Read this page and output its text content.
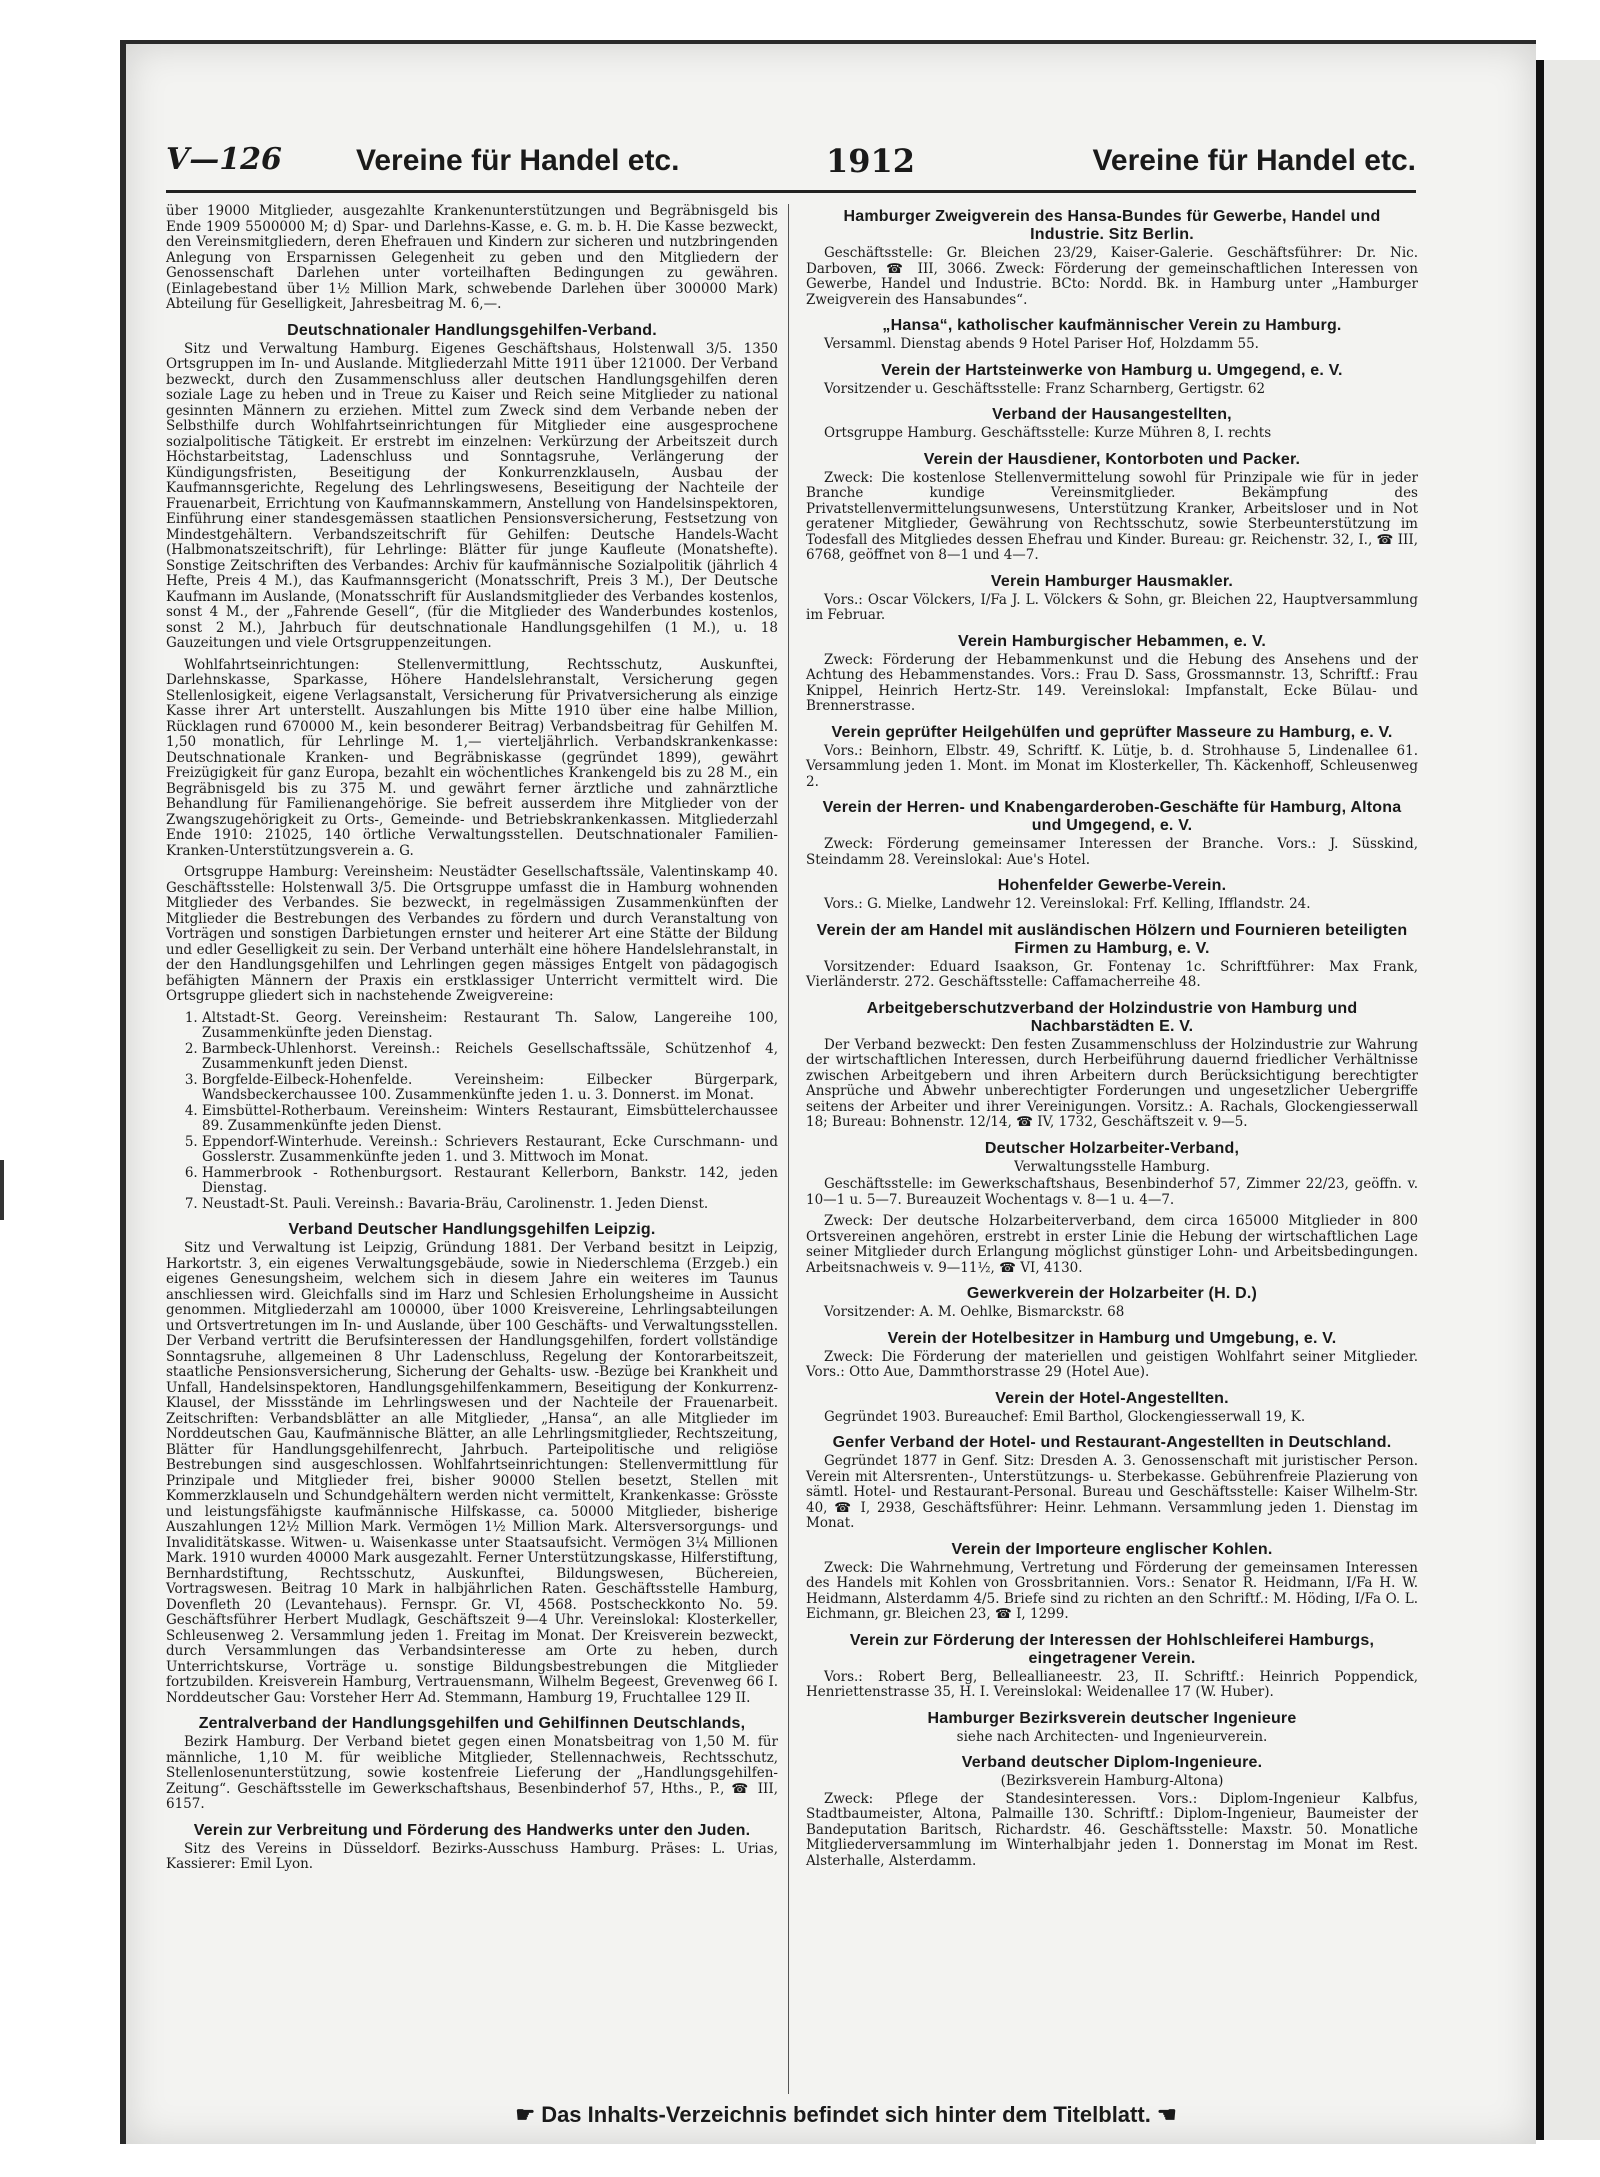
V—126 Vereine für Handel etc.	1912	Vereine für Handel etc.

über 19000 Mitglieder, ausgezahlte Krankenunterstützungen und Begräbnisgeld bis Ende 1909 5500000 M; d) Spar- und Darlehns-Kasse, e. G. m. b. H. Die Kasse bezweckt, den Vereinsmitgliedern, deren Ehefrauen und Kindern zur sicheren und nutzbringenden Anlegung von Ersparnissen Gelegenheit zu geben und den Mitgliedern der Genossenschaft Darlehen unter vorteilhaften Bedingungen zu gewähren. (Einlagebestand über 1½ Million Mark, schwebende Darlehen über 300000 Mark) Abteilung für Geselligkeit, Jahresbeitrag M. 6,—.

Deutschnationaler Handlungsgehilfen-Verband.

Sitz und Verwaltung Hamburg. Eigenes Geschäftshaus, Holstenwall 3/5. 1350 Ortsgruppen im In- und Auslande. Mitgliederzahl Mitte 1911 über 121000. Der Verband bezweckt, durch den Zusammenschluss aller deutschen Handlungsgehilfen deren soziale Lage zu heben und in Treue zu Kaiser und Reich seine Mitglieder zu national gesinnten Männern zu erziehen. Mittel zum Zweck sind dem Verbande neben der Selbsthilfe durch Wohlfahrtseinrichtungen für Mitglieder eine ausgesprochene sozialpolitische Tätigkeit. Er erstrebt im einzelnen: Verkürzung der Arbeitszeit durch Höchstarbeitstag, Ladenschluss und Sonntagsruhe, Verlängerung der Kündigungsfristen, Beseitigung der Konkurrenzklauseln, Ausbau der Kaufmannsgerichte, Regelung des Lehrlingswesens, Beseitigung der Nachteile der Frauenarbeit, Errichtung von Kaufmannskammern, Anstellung von Handelsinspektoren, Einführung einer standesgemässen staatlichen Pensionsversicherung, Festsetzung von Mindestgehältern. Verbandszeitschrift für Gehilfen: Deutsche Handels-Wacht (Halbmonatszeitschrift), für Lehrlinge: Blätter für junge Kaufleute (Monatshefte). Sonstige Zeitschriften des Verbandes: Archiv für kaufmännische Sozialpolitik (jährlich 4 Hefte, Preis 4 M.), das Kaufmannsgericht (Monatsschrift, Preis 3 M.), Der Deutsche Kaufmann im Auslande, (Monatsschrift für Auslandsmitglieder des Verbandes kostenlos, sonst 4 M., der „Fahrende Gesell“, (für die Mitglieder des Wanderbundes kostenlos, sonst 2 M.), Jahrbuch für deutschnationale Handlungsgehilfen (1 M.), u. 18 Gauzeitungen und viele Ortsgruppenzeitungen.

Wohlfahrtseinrichtungen: Stellenvermittlung, Rechtsschutz, Auskunftei, Darlehnskasse, Sparkasse, Höhere Handelslehranstalt, Versicherung gegen Stellenlosigkeit, eigene Verlagsanstalt, Versicherung für Privatversicherung als einzige Kasse ihrer Art unterstellt. Auszahlungen bis Mitte 1910 über eine halbe Million, Rücklagen rund 670000 M., kein besonderer Beitrag) Verbandsbeitrag für Gehilfen M. 1,50 monatlich, für Lehrlinge M. 1,— vierteljährlich. Verbandskrankenkasse: Deutschnationale Kranken- und Begräbniskasse (gegründet 1899), gewährt Freizügigkeit für ganz Europa, bezahlt ein wöchentliches Krankengeld bis zu 28 M., ein Begräbnisgeld bis zu 375 M. und gewährt ferner ärztliche und zahnärztliche Behandlung für Familienangehörige. Sie befreit ausserdem ihre Mitglieder von der Zwangszugehörigkeit zu Orts-, Gemeinde- und Betriebskrankenkassen. Mitgliederzahl Ende 1910: 21025, 140 örtliche Verwaltungsstellen. Deutschnationaler Familien-Kranken-Unterstützungsverein a. G.

Ortsgruppe Hamburg: Vereinsheim: Neustädter Gesellschaftssäle, Valentinskamp 40. Geschäftsstelle: Holstenwall 3/5. Die Ortsgruppe umfasst die in Hamburg wohnenden Mitglieder des Verbandes. Sie bezweckt, in regelmässigen Zusammenkünften der Mitglieder die Bestrebungen des Verbandes zu fördern und durch Veranstaltung von Vorträgen und sonstigen Darbietungen ernster und heiterer Art eine Stätte der Bildung und edler Geselligkeit zu sein. Der Verband unterhält eine höhere Handelslehranstalt, in der den Handlungsgehilfen und Lehrlingen gegen mässiges Entgelt von pädagogisch befähigten Männern der Praxis ein erstklassiger Unterricht vermittelt wird. Die Ortsgruppe gliedert sich in nachstehende Zweigvereine:

1. Altstadt-St. Georg. Vereinsheim: Restaurant Th. Salow, Langereihe 100, Zusammenkünfte jeden Dienstag.
2. Barmbeck-Uhlenhorst. Vereinsh.: Reichels Gesellschaftssäle, Schützenhof 4, Zusammenkunft jeden Dienst.
3. Borgfelde-Eilbeck-Hohenfelde. Vereinsheim: Eilbecker Bürgerpark, Wandsbeckerchaussee 100. Zusammenkünfte jeden 1. u. 3. Donnerst. im Monat.
4. Eimsbüttel-Rotherbaum. Vereinsheim: Winters Restaurant, Eimsbüttelerchaussee 89. Zusammenkünfte jeden Dienst.
5. Eppendorf-Winterhude. Vereinsh.: Schrievers Restaurant, Ecke Curschmann- und Gosslerstr. Zusammenkünfte jeden 1. und 3. Mittwoch im Monat.
6. Hammerbrook - Rothenburgsort. Restaurant Kellerborn, Bankstr. 142, jeden Dienstag.
7. Neustadt-St. Pauli. Vereinsh.: Bavaria-Bräu, Carolinenstr. 1. Jeden Dienst.
Verband Deutscher Handlungsgehilfen Leipzig.

Sitz und Verwaltung ist Leipzig, Gründung 1881. Der Verband besitzt in Leipzig, Harkortstr. 3, ein eigenes Verwaltungsgebäude, sowie in Niederschlema (Erzgeb.) ein eigenes Genesungsheim, welchem sich in diesem Jahre ein weiteres im Taunus anschliessen wird. Gleichfalls sind im Harz und Schlesien Erholungsheime in Aussicht genommen. Mitgliederzahl am 100000, über 1000 Kreisvereine, Lehrlingsabteilungen und Ortsvertretungen im In- und Auslande, über 100 Geschäfts- und Verwaltungsstellen. Der Verband vertritt die Berufsinteressen der Handlungsgehilfen, fordert vollständige Sonntagsruhe, allgemeinen 8 Uhr Ladenschluss, Regelung der Kontorarbeitszeit, staatliche Pensionsversicherung, Sicherung der Gehalts- usw. -Bezüge bei Krankheit und Unfall, Handelsinspektoren, Handlungsgehilfenkammern, Beseitigung der Konkurrenz-Klausel, der Missstände im Lehrlingswesen und der Nachteile der Frauenarbeit. Zeitschriften: Verbandsblätter an alle Mitglieder, „Hansa“, an alle Mitglieder im Norddeutschen Gau, Kaufmännische Blätter, an alle Lehrlingsmitglieder, Rechtszeitung, Blätter für Handlungsgehilfenrecht, Jahrbuch. Parteipolitische und religiöse Bestrebungen sind ausgeschlossen. Wohlfahrtseinrichtungen: Stellenvermittlung für Prinzipale und Mitglieder frei, bisher 90000 Stellen besetzt, Stellen mit Kommerzklauseln und Schundgehältern werden nicht vermittelt, Krankenkasse: Grösste und leistungsfähigste kaufmännische Hilfskasse, ca. 50000 Mitglieder, bisherige Auszahlungen 12½ Million Mark. Vermögen 1½ Million Mark. Altersversorgungs- und Invaliditätskasse. Witwen- u. Waisenkasse unter Staatsaufsicht. Vermögen 3¼ Millionen Mark. 1910 wurden 40000 Mark ausgezahlt. Ferner Unterstützungskasse, Hilferstiftung, Bernhardstiftung, Rechtsschutz, Auskunftei, Bildungswesen, Büchereien, Vortragswesen. Beitrag 10 Mark in halbjährlichen Raten. Geschäftsstelle Hamburg, Dovenfleth 20 (Levantehaus). Fernspr. Gr. VI, 4568. Postscheckkonto No. 59. Geschäftsführer Herbert Mudlagk, Geschäftszeit 9—4 Uhr. Vereinslokal: Klosterkeller, Schleusenweg 2. Versammlung jeden 1. Freitag im Monat. Der Kreisverein bezweckt, durch Versammlungen das Verbandsinteresse am Orte zu heben, durch Unterrichtskurse, Vorträge u. sonstige Bildungsbestrebungen die Mitglieder fortzubilden. Kreisverein Hamburg, Vertrauensmann, Wilhelm Begeest, Grevenweg 66 I. Norddeutscher Gau: Vorsteher Herr Ad. Stemmann, Hamburg 19, Fruchtallee 129 II.

Zentralverband der Handlungsgehilfen und Gehilfinnen Deutschlands,

Bezirk Hamburg. Der Verband bietet gegen einen Monatsbeitrag von 1,50 M. für männliche, 1,10 M. für weibliche Mitglieder, Stellennachweis, Rechtsschutz, Stellenlosenunterstützung, sowie kostenfreie Lieferung der „Handlungsgehilfen-Zeitung“. Geschäftsstelle im Gewerkschaftshaus, Besenbinderhof 57, Hths., P., ☎ III, 6157.

Verein zur Verbreitung und Förderung des Handwerks unter den Juden.

Sitz des Vereins in Düsseldorf. Bezirks-Ausschuss Hamburg. Präses: L. Urias, Kassierer: Emil Lyon.

Hamburger Zweigverein des Hansa-Bundes für Gewerbe, Handel und Industrie. Sitz Berlin.

Geschäftsstelle: Gr. Bleichen 23/29, Kaiser-Galerie. Geschäftsführer: Dr. Nic. Darboven, ☎ III, 3066. Zweck: Förderung der gemeinschaftlichen Interessen von Gewerbe, Handel und Industrie. BCto: Nordd. Bk. in Hamburg unter „Hamburger Zweigverein des Hansabundes“.

„Hansa“, katholischer kaufmännischer Verein zu Hamburg.

Versamml. Dienstag abends 9 Hotel Pariser Hof, Holzdamm 55.

Verein der Hartsteinwerke von Hamburg u. Umgegend, e. V.

Vorsitzender u. Geschäftsstelle: Franz Scharnberg, Gertigstr. 62

Verband der Hausangestellten,

Ortsgruppe Hamburg. Geschäftsstelle: Kurze Mühren 8, I. rechts

Verein der Hausdiener, Kontorboten und Packer.

Zweck: Die kostenlose Stellenvermittelung sowohl für Prinzipale wie für in jeder Branche kundige Vereinsmitglieder. Bekämpfung des Privatstellenvermittelungsunwesens, Unterstützung Kranker, Arbeitsloser und in Not geratener Mitglieder, Gewährung von Rechtsschutz, sowie Sterbeunterstützung im Todesfall des Mitgliedes dessen Ehefrau und Kinder. Bureau: gr. Reichenstr. 32, I., ☎ III, 6768, geöffnet von 8—1 und 4—7.

Verein Hamburger Hausmakler.

Vors.: Oscar Völckers, I/Fa J. L. Völckers & Sohn, gr. Bleichen 22, Hauptversammlung im Februar.

Verein Hamburgischer Hebammen, e. V.

Zweck: Förderung der Hebammenkunst und die Hebung des Ansehens und der Achtung des Hebammenstandes. Vors.: Frau D. Sass, Grossmannstr. 13, Schriftf.: Frau Knippel, Heinrich Hertz-Str. 149. Vereinslokal: Impfanstalt, Ecke Bülau- und Brennerstrasse.

Verein geprüfter Heilgehülfen und geprüfter Masseure zu Hamburg, e. V.

Vors.: Beinhorn, Elbstr. 49, Schriftf. K. Lütje, b. d. Strohhause 5, Lindenallee 61. Versammlung jeden 1. Mont. im Monat im Klosterkeller, Th. Käckenhoff, Schleusenweg 2.

Verein der Herren- und Knabengarderoben-Geschäfte für Hamburg, Altona und Umgegend, e. V.

Zweck: Förderung gemeinsamer Interessen der Branche. Vors.: J. Süsskind, Steindamm 28. Vereinslokal: Aue's Hotel.

Hohenfelder Gewerbe-Verein.

Vors.: G. Mielke, Landwehr 12. Vereinslokal: Frf. Kelling, Ifflandstr. 24.

Verein der am Handel mit ausländischen Hölzern und Fournieren beteiligten Firmen zu Hamburg, e. V.

Vorsitzender: Eduard Isaakson, Gr. Fontenay 1c. Schriftführer: Max Frank, Vierländerstr. 272. Geschäftsstelle: Caffamacherreihe 48.

Arbeitgeberschutzverband der Holzindustrie von Hamburg und Nachbarstädten E. V.

Der Verband bezweckt: Den festen Zusammenschluss der Holzindustrie zur Wahrung der wirtschaftlichen Interessen, durch Herbeiführung dauernd friedlicher Verhältnisse zwischen Arbeitgebern und ihren Arbeitern durch Berücksichtigung berechtigter Ansprüche und Abwehr unberechtigter Forderungen und ungesetzlicher Uebergriffe seitens der Arbeiter und ihrer Vereinigungen. Vorsitz.: A. Rachals, Glockengiesserwall 18; Bureau: Bohnenstr. 12/14, ☎ IV, 1732, Geschäftszeit v. 9—5.

Deutscher Holzarbeiter-Verband,
Verwaltungsstelle Hamburg.

Geschäftsstelle: im Gewerkschaftshaus, Besenbinderhof 57, Zimmer 22/23, geöffn. v. 10—1 u. 5—7. Bureauzeit Wochentags v. 8—1 u. 4—7.

Zweck: Der deutsche Holzarbeiterverband, dem circa 165000 Mitglieder in 800 Ortsvereinen angehören, erstrebt in erster Linie die Hebung der wirtschaftlichen Lage seiner Mitglieder durch Erlangung möglichst günstiger Lohn- und Arbeitsbedingungen. Arbeitsnachweis v. 9—11½, ☎ VI, 4130.

Gewerkverein der Holzarbeiter (H. D.)

Vorsitzender: A. M. Oehlke, Bismarckstr. 68

Verein der Hotelbesitzer in Hamburg und Umgebung, e. V.

Zweck: Die Förderung der materiellen und geistigen Wohlfahrt seiner Mitglieder. Vors.: Otto Aue, Dammthorstrasse 29 (Hotel Aue).

Verein der Hotel-Angestellten.

Gegründet 1903. Bureauchef: Emil Barthol, Glockengiesserwall 19, K.

Genfer Verband der Hotel- und Restaurant-Angestellten in Deutschland.

Gegründet 1877 in Genf. Sitz: Dresden A. 3. Genossenschaft mit juristischer Person. Verein mit Altersrenten-, Unterstützungs- u. Sterbekasse. Gebührenfreie Plazierung von sämtl. Hotel- und Restaurant-Personal. Bureau und Geschäftsstelle: Kaiser Wilhelm-Str. 40, ☎ I, 2938, Geschäftsführer: Heinr. Lehmann. Versammlung jeden 1. Dienstag im Monat.

Verein der Importeure englischer Kohlen.

Zweck: Die Wahrnehmung, Vertretung und Förderung der gemeinsamen Interessen des Handels mit Kohlen von Grossbritannien. Vors.: Senator R. Heidmann, I/Fa H. W. Heidmann, Alsterdamm 4/5. Briefe sind zu richten an den Schriftf.: M. Höding, I/Fa O. L. Eichmann, gr. Bleichen 23, ☎ I, 1299.

Verein zur Förderung der Interessen der Hohlschleiferei Hamburgs, eingetragener Verein.

Vors.: Robert Berg, Belleallianeestr. 23, II. Schriftf.: Heinrich Poppendick, Henriettenstrasse 35, H. I. Vereinslokal: Weidenallee 17 (W. Huber).

Hamburger Bezirksverein deutscher Ingenieure
siehe nach Architecten- und Ingenieurverein.
Verband deutscher Diplom-Ingenieure.
(Bezirksverein Hamburg-Altona)

Zweck: Pflege der Standesinteressen. Vors.: Diplom-Ingenieur Kalbfus, Stadtbaumeister, Altona, Palmaille 130. Schriftf.: Diplom-Ingenieur, Baumeister der Bandeputation Baritsch, Richardstr. 46. Geschäftsstelle: Maxstr. 50. Monatliche Mitgliederversammlung im Winterhalbjahr jeden 1. Donnerstag im Monat im Rest. Alsterhalle, Alsterdamm.

☛ Das Inhalts-Verzeichnis befindet sich hinter dem Titelblatt. ☚
